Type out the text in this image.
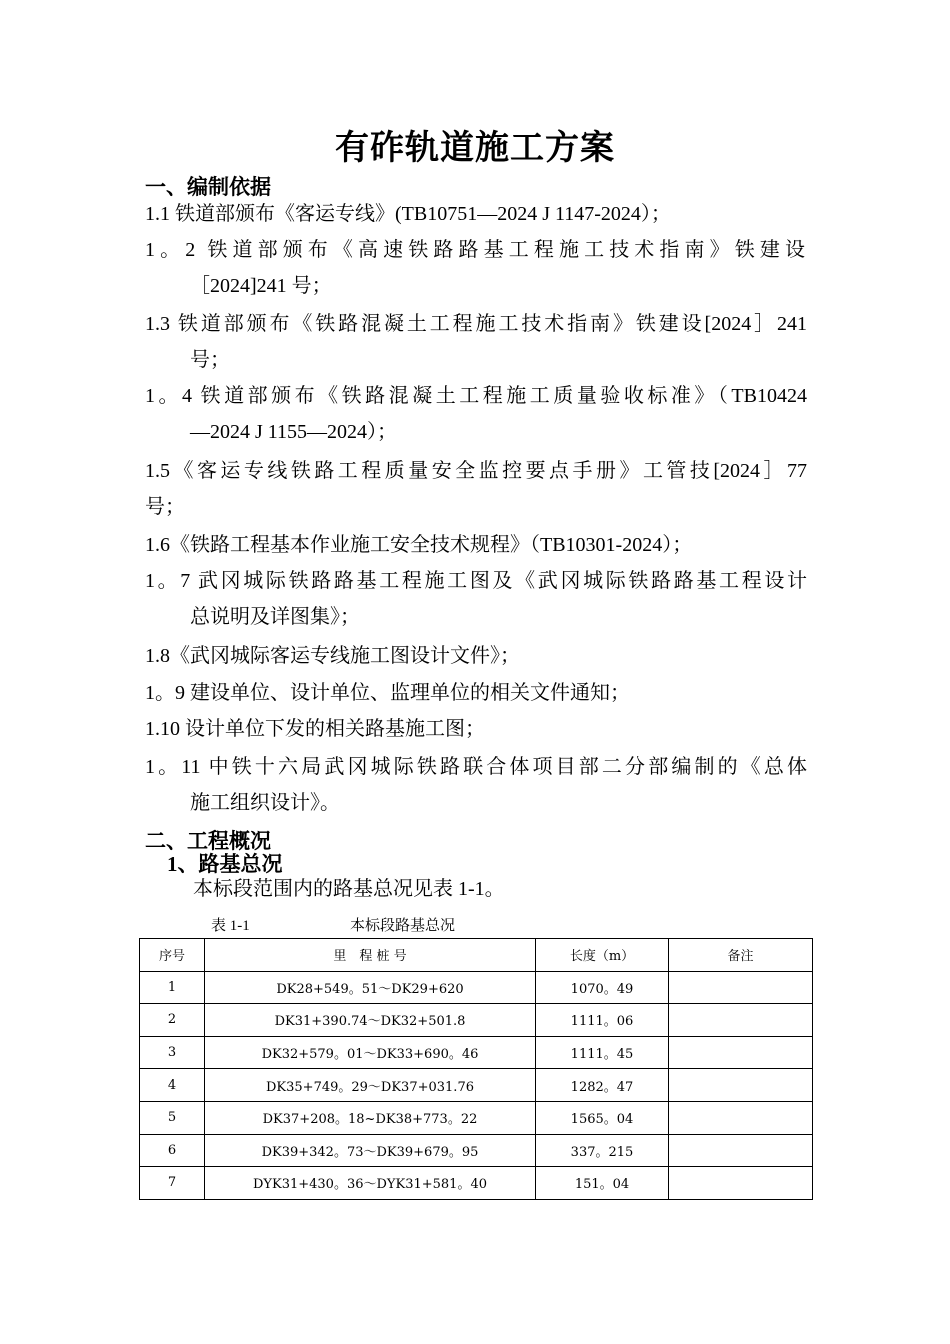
有砟轨道施工方案
一、编制依据
1.1 铁道部颁布《客运专线》(TB10751—2024 J 1147-2024）；
1。2 铁道部颁布《高速铁路路基工程施工技术指南》铁建设
［2024]241 号；
1.3 铁道部颁布《铁路混凝土工程施工技术指南》铁建设[2024］241
号；
1。4 铁道部颁布《铁路混凝土工程施工质量验收标准》（TB10424
—2024 J 1155—2024）；
1.5《客运专线铁路工程质量安全监控要点手册》工管技[2024］77
号；
1.6《铁路工程基本作业施工安全技术规程》（TB10301-2024）；
1。7 武冈城际铁路路基工程施工图及《武冈城际铁路路基工程设计
总说明及详图集》；
1.8《武冈城际客运专线施工图设计文件》；
1。9 建设单位、设计单位、监理单位的相关文件通知；
1.10 设计单位下发的相关路基施工图；
1。11 中铁十六局武冈城际铁路联合体项目部二分部编制的《总体
施工组织设计》。
二、工程概况
1、路基总况
本标段范围内的路基总况见表 1-1。
表 1-1	本标段路基总况
序号	里　程 桩 号	长度（m）	备注
1	DK28+549。51～DK29+620	1070。49	
2	DK31+390.74～DK32+501.8	1111。06	
3	DK32+579。01～DK33+690。46	1111。45	
4	DK35+749。29～DK37+031.76	1282。47	
5	DK37+208。18~DK38+773。22	1565。04	
6	DK39+342。73～DK39+679。95	337。215	
7	DYK31+430。36～DYK31+581。40	151。04	
